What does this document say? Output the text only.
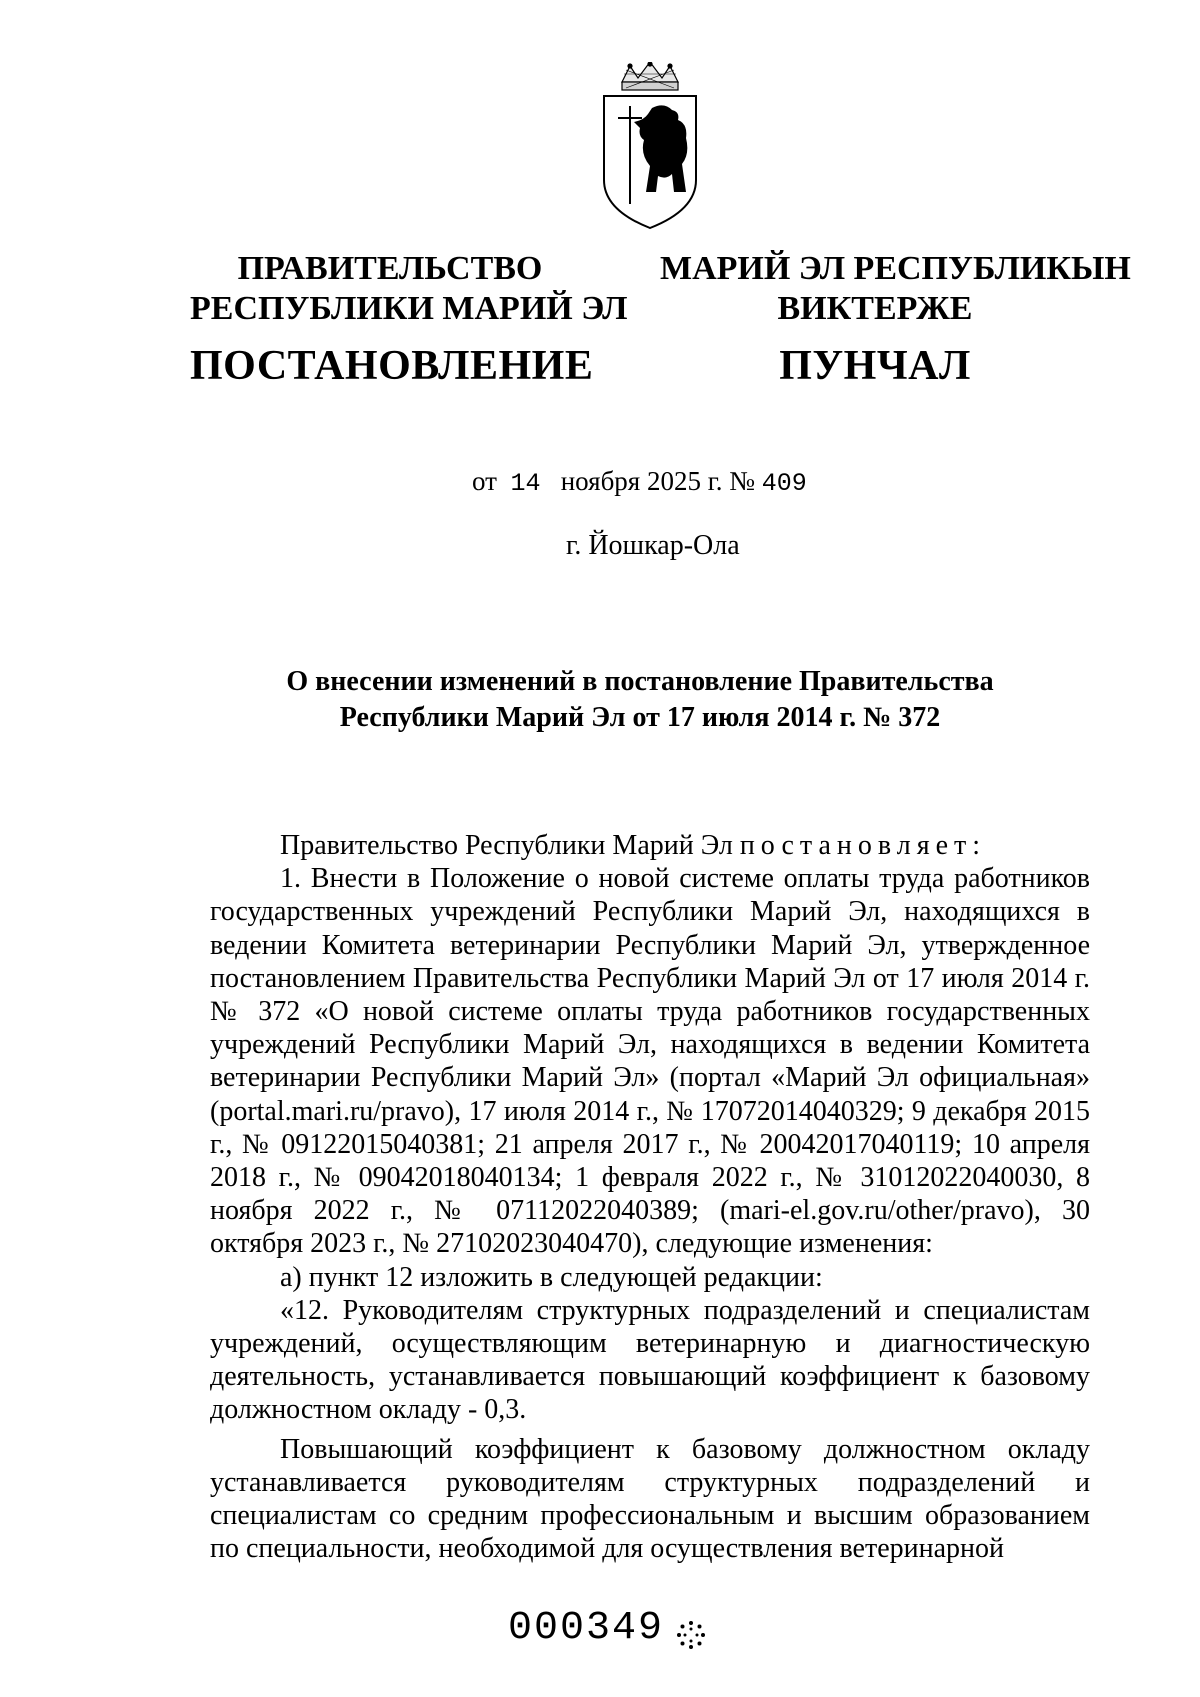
ПРАВИТЕЛЬСТВО
РЕСПУБЛИКИ МАРИЙ ЭЛ
ПОСТАНОВЛЕНИЕ
МАРИЙ ЭЛ РЕСПУБЛИКЫН
ВИКТЕРЖЕ
ПУНЧАЛ
от 14 ноября 2025 г. № 409
г. Йошкар-Ола
О внесении изменений в постановление Правительства
Республики Марий Эл от 17 июля 2014 г. № 372

Правительство Республики Марий Эл постановляет:

1. Внести в Положение о новой системе оплаты труда работников государственных учреждений Республики Марий Эл, находящихся в ведении Комитета ветеринарии Республики Марий Эл, утвержденное постановлением Правительства Республики Марий Эл от 17 июля 2014 г. № 372 «О новой системе оплаты труда работников государственных учреждений Республики Марий Эл, находящихся в ведении Комитета ветеринарии Республики Марий Эл» (портал «Марий Эл официальная» (portal.mari.ru/pravo), 17 июля 2014 г., № 17072014040329; 9 декабря 2015 г., № 09122015040381; 21 апреля 2017 г., № 20042017040119; 10 апреля 2018 г., № 09042018040134; 1 февраля 2022 г., № 31012022040030, 8 ноября 2022 г., № 07112022040389; (mari-el.gov.ru/other/pravo), 30 октября 2023 г., № 27102023040470), следующие изменения:

а) пункт 12 изложить в следующей редакции:

«12. Руководителям структурных подразделений и специалистам учреждений, осуществляющим ветеринарную и диагностическую деятельность, устанавливается повышающий коэффициент к базовому должностном окладу - 0,3.

Повышающий коэффициент к базовому должностном окладу устанавливается руководителям структурных подразделений и специалистам со средним профессиональным и высшим образованием по специальности, необходимой для осуществления ветеринарной

000349
